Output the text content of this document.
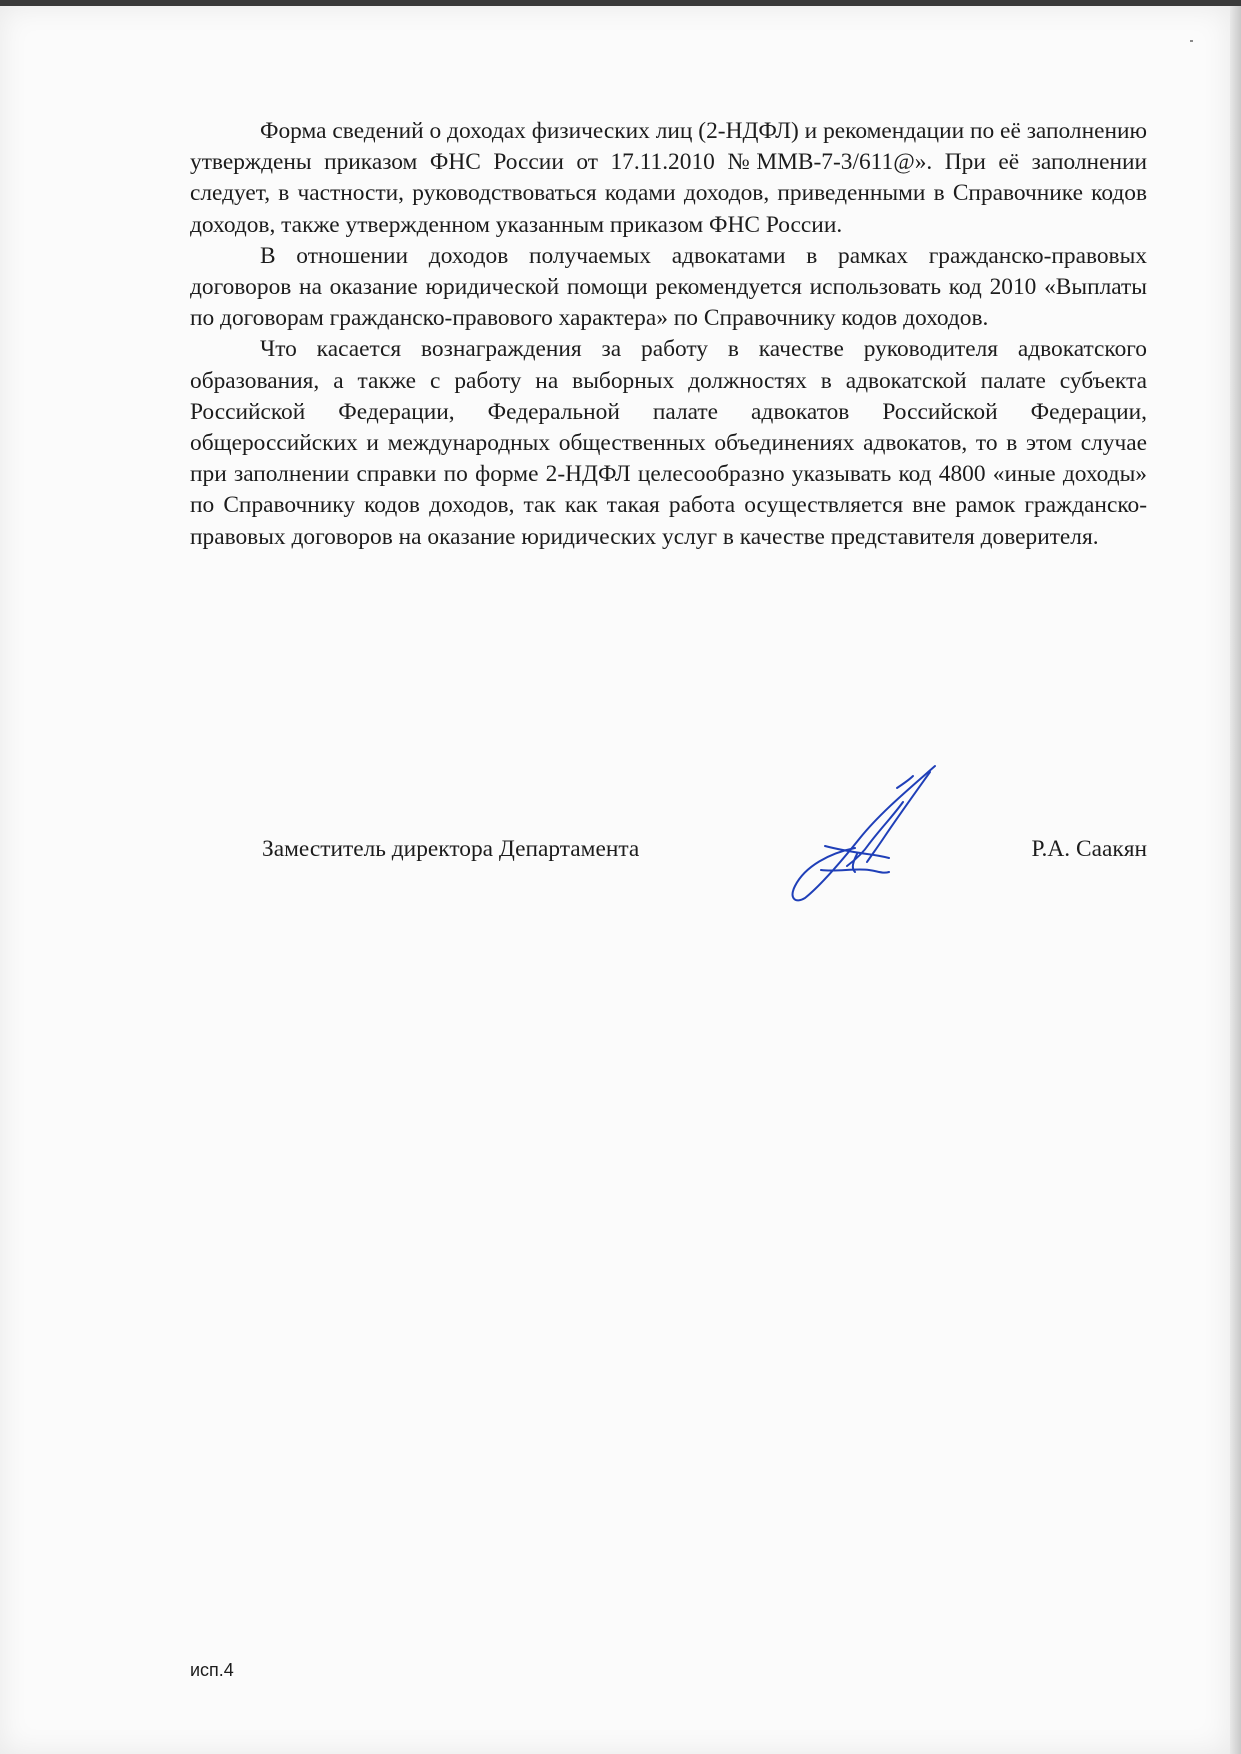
Форма сведений о доходах физических лиц (2-НДФЛ) и рекомендации по её заполнению утверждены приказом ФНС России от 17.11.2010 №ММВ-7-3/611@». При её заполнении следует, в частности, руководствоваться кодами доходов, приведенными в Справочнике кодов доходов, также утвержденном указанным приказом ФНС России.

В отношении доходов получаемых адвокатами в рамках гражданско-правовых договоров на оказание юридической помощи рекомендуется использовать код 2010 «Выплаты по договорам гражданско-правового характера» по Справочнику кодов доходов.

Что касается вознаграждения за работу в качестве руководителя адвокатского образования, а также с работу на выборных должностях в адвокатской палате субъекта Российской Федерации, Федеральной палате адвокатов Российской Федерации, общероссийских и международных общественных объединениях адвокатов, то в этом случае при заполнении справки по форме 2-НДФЛ целесообразно указывать код 4800 «иные доходы» по Справочнику кодов доходов, так как такая работа осуществляется вне рамок гражданско-правовых договоров на оказание юридических услуг в качестве представителя доверителя.

Заместитель директора Департамента	Р.А. Саакян
исп.4
